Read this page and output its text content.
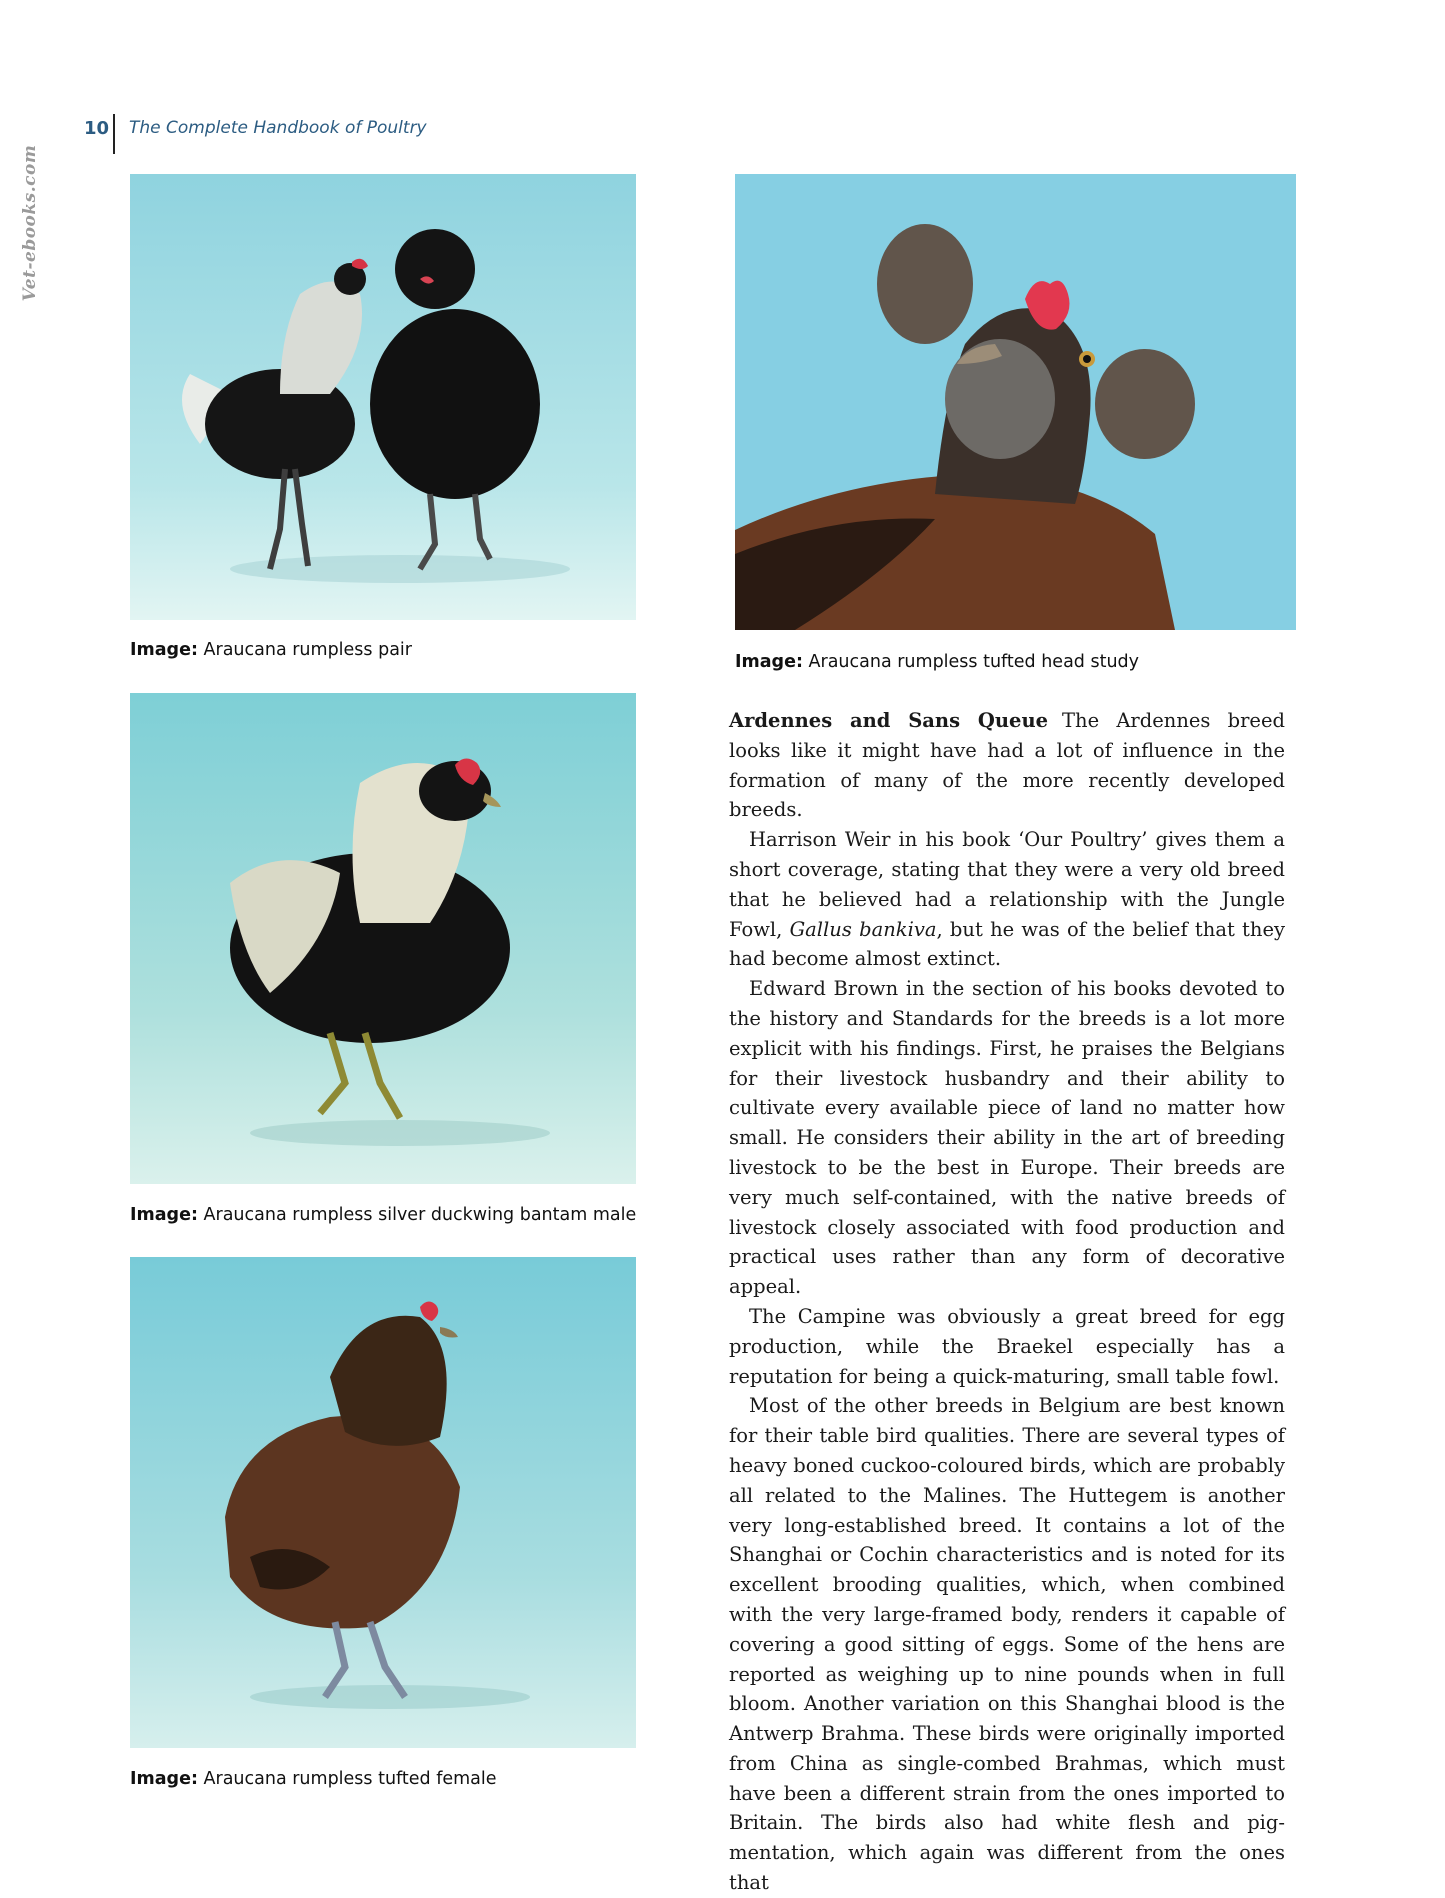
10 The Complete Handbook of Poultry
Vet-ebooks.com
Image: Araucana rumpless pair
Image: Araucana rumpless tufted head study
Image: Araucana rumpless silver duckwing bantam male
Image: Araucana rumpless tufted female

Ardennes and Sans Queue The Ardennes breed looks like it might have had a lot of influence in the formation of many of the more recently developed breeds.

Harrison Weir in his book ‘Our Poultry’ gives them a short coverage, stating that they were a very old breed that he believed had a relationship with the Jungle Fowl, Gallus bankiva, but he was of the belief that they had become almost extinct.

Edward Brown in the section of his books devoted to the history and Standards for the breeds is a lot more explicit with his findings. First, he praises the Belgians for their livestock husbandry and their ability to cultivate every available piece of land no matter how small. He considers their ability in the art of breeding livestock to be the best in Europe. Their breeds are very much self-contained, with the native breeds of livestock closely associated with food production and practical uses rather than any form of decorative appeal.

The Campine was obviously a great breed for egg production, while the Braekel especially has a reputation for being a quick-maturing, small table fowl.

Most of the other breeds in Belgium are best known for their table bird qualities. There are several types of heavy boned cuckoo-coloured birds, which are probably all related to the Malines. The Huttegem is another very long-established breed. It contains a lot of the Shanghai or Cochin characteristics and is noted for its excellent brooding qualities, which, when combined with the very large-framed body, renders it capable of covering a good sitting of eggs. Some of the hens are reported as weighing up to nine pounds when in full bloom. Another variation on this Shanghai blood is the Antwerp Brahma. These birds were originally imported from China as single-combed Brahmas, which must have been a different strain from the ones imported to Britain. The birds also had white flesh and pigmentation, which again was different from the ones that
